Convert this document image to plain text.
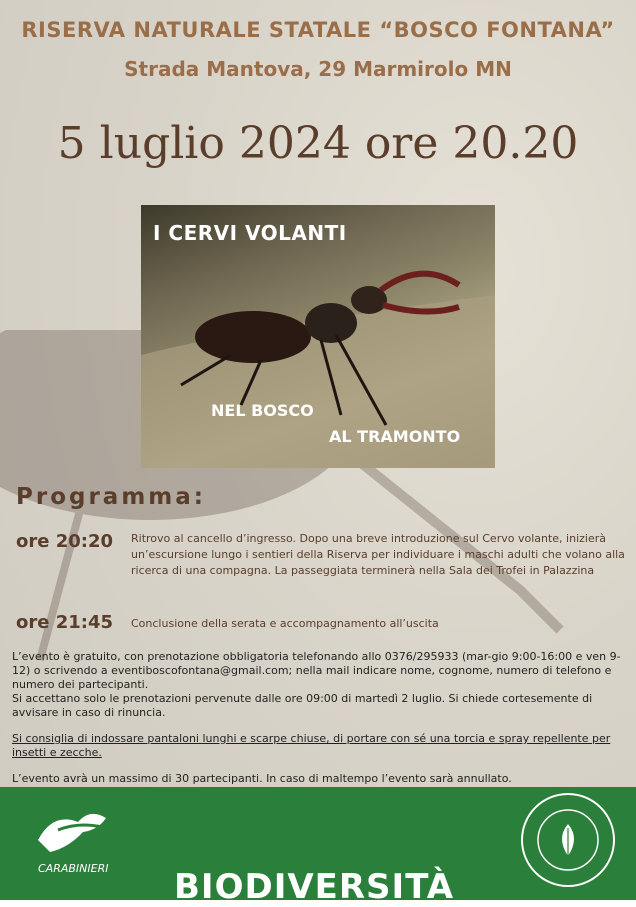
RISERVA NATURALE STATALE “BOSCO FONTANA”
Strada Mantova, 29 Marmirolo MN
5 luglio 2024 ore 20.20
I CERVI VOLANTI
NEL BOSCO
AL TRAMONTO
Programma:
ore 20:20 Ritrovo al cancello d’ingresso. Dopo una breve introduzione sul Cervo volante, inizierà un’escursione lungo i sentieri della Riserva per individuare i maschi adulti che volano alla ricerca di una compagna. La passeggiata terminerà nella Sala dei Trofei in Palazzina
ore 21:45 Conclusione della serata e accompagnamento all’uscita

L’evento è gratuito, con prenotazione obbligatoria telefonando allo 0376/295933 (mar-gio 9:00-16:00 e ven 9-12) o scrivendo a eventiboscofontana@gmail.com; nella mail indicare nome, cognome, numero di telefono e numero dei partecipanti.

Si accettano solo le prenotazioni pervenute dalle ore 09:00 di martedì 2 luglio. Si chiede cortesemente di avvisare in caso di rinuncia.

Si consiglia di indossare pantaloni lunghi e scarpe chiuse, di portare con sé una torcia e spray repellente per insetti e zecche.
L’evento avrà un massimo di 30 partecipanti. In caso di maltempo l’evento sarà annullato.
CARABINIERI BIODIVERSITÀ
